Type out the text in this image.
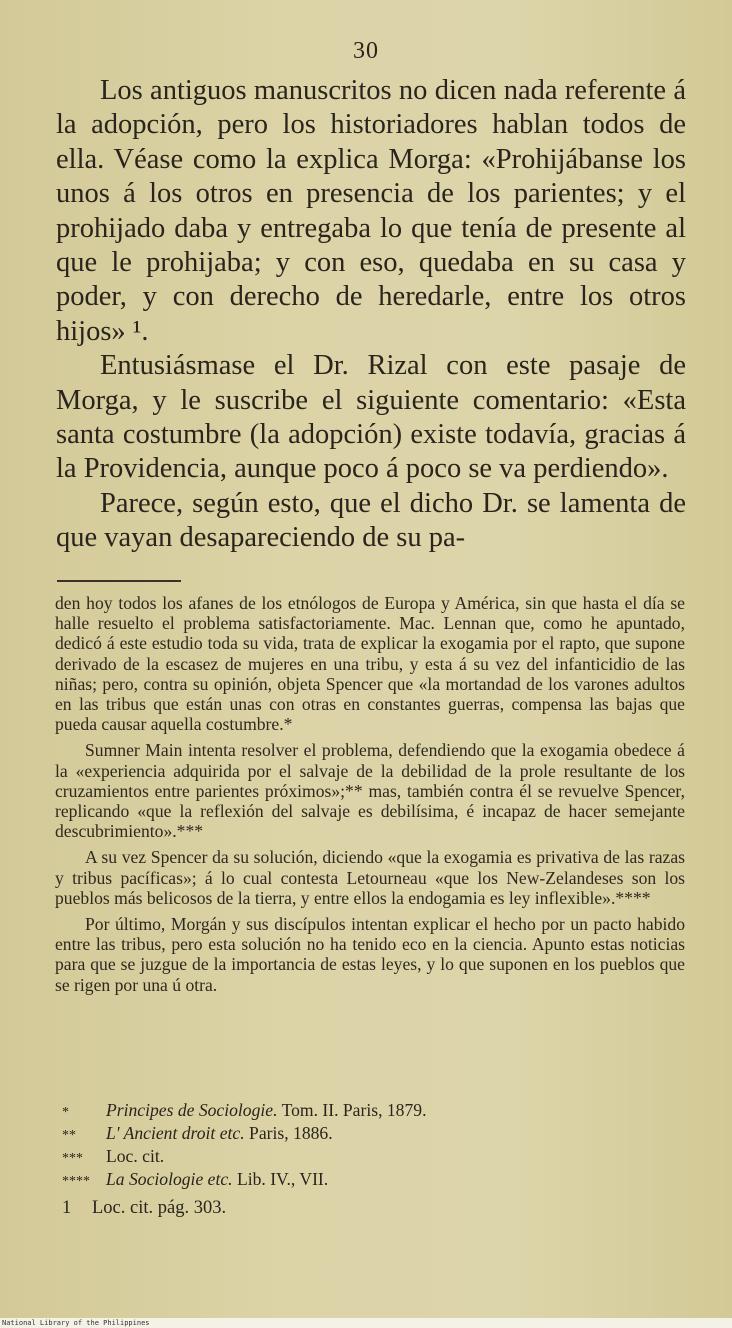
30

Los antiguos manuscritos no dicen nada referente á la adopción, pero los historiadores hablan todos de ella. Véase como la explica Morga: «Prohijábanse los unos á los otros en presencia de los parientes; y el prohijado daba y entregaba lo que tenía de presente al que le prohijaba; y con eso, quedaba en su casa y poder, y con derecho de heredarle, entre los otros hijos» ¹.

Entusiásmase el Dr. Rizal con este pasaje de Morga, y le suscribe el siguiente comentario: «Esta santa costumbre (la adopción) existe todavía, gracias á la Providencia, aunque poco á poco se va perdiendo».

Parece, según esto, que el dicho Dr. se lamenta de que vayan desapareciendo de su pa-

den hoy todos los afanes de los etnólogos de Europa y América, sin que hasta el día se halle resuelto el problema satisfactoriamente. Mac. Lennan que, como he apuntado, dedicó á este estudio toda su vida, trata de explicar la exogamia por el rapto, que supone derivado de la escasez de mujeres en una tribu, y esta á su vez del infanticidio de las niñas; pero, contra su opinión, objeta Spencer que «la mortandad de los varones adultos en las tribus que están unas con otras en constantes guerras, compensa las bajas que pueda causar aquella costumbre.*

Sumner Main intenta resolver el problema, defendiendo que la exogamia obedece á la «experiencia adquirida por el salvaje de la debilidad de la prole resultante de los cruzamientos entre parientes próximos»;** mas, también contra él se revuelve Spencer, replicando «que la reflexión del salvaje es debilísima, é incapaz de hacer semejante descubrimiento».***

A su vez Spencer da su solución, diciendo «que la exogamia es privativa de las razas y tribus pacíficas»; á lo cual contesta Letourneau «que los New-Zelandeses son los pueblos más belicosos de la tierra, y entre ellos la endogamia es ley inflexible».****

Por último, Morgán y sus discípulos intentan explicar el hecho por un pacto habido entre las tribus, pero esta solución no ha tenido eco en la ciencia. Apunto estas noticias para que se juzgue de la importancia de estas leyes, y lo que suponen en los pueblos que se rigen por una ú otra.

*	Principes de Sociologie. Tom. II. Paris, 1879.
**	L' Ancient droit etc. Paris, 1886.
***	Loc. cit.
**** La Sociologie etc. Lib. IV., VII.
1	Loc. cit. pág. 303.
National Library of the Philippines
